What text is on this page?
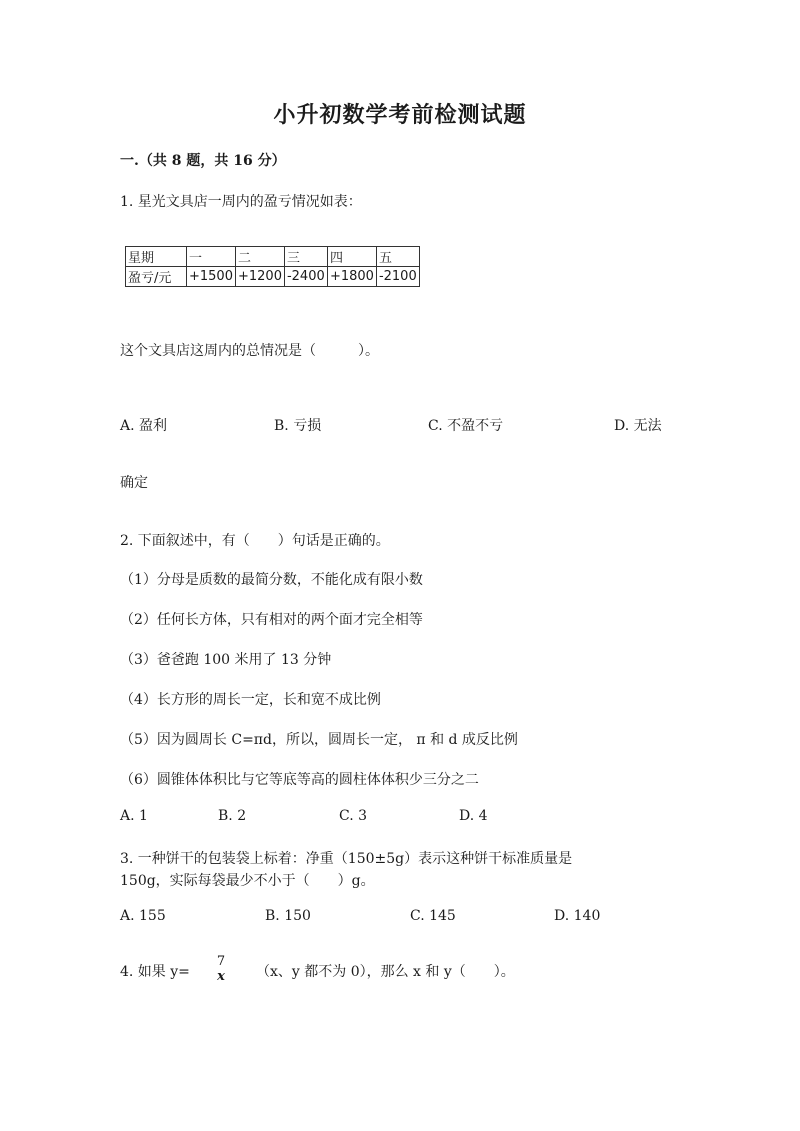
小升初数学考前检测试题
一.（共 8 题，共 16 分）
1. 星光文具店一周内的盈亏情况如表：
星期	一	二	三	四	五
盈亏/元	+1500	+1200	-2400	+1800	-2100
这个文具店这周内的总情况是（　　　）。
A. 盈利	B. 亏损	C. 不盈不亏	D. 无法
确定
2. 下面叙述中，有（　　）句话是正确的。
（1）分母是质数的最简分数，不能化成有限小数
（2）任何长方体，只有相对的两个面才完全相等
（3）爸爸跑 100 米用了 13 分钟
（4）长方形的周长一定，长和宽不成比例
（5）因为圆周长 C=πd，所以，圆周长一定， π 和 d 成反比例
（6）圆锥体体积比与它等底等高的圆柱体体积少三分之二
A. 1	B. 2	C. 3	D. 4
3. 一种饼干的包装袋上标着：净重（150±5g）表示这种饼干标准质量是
150g，实际每袋最少不小于（　　）g。
A. 155	B. 150	C. 145	D. 140
4. 如果 y=
7
x	（x、y 都不为 0），那么 x 和 y（　　）。
